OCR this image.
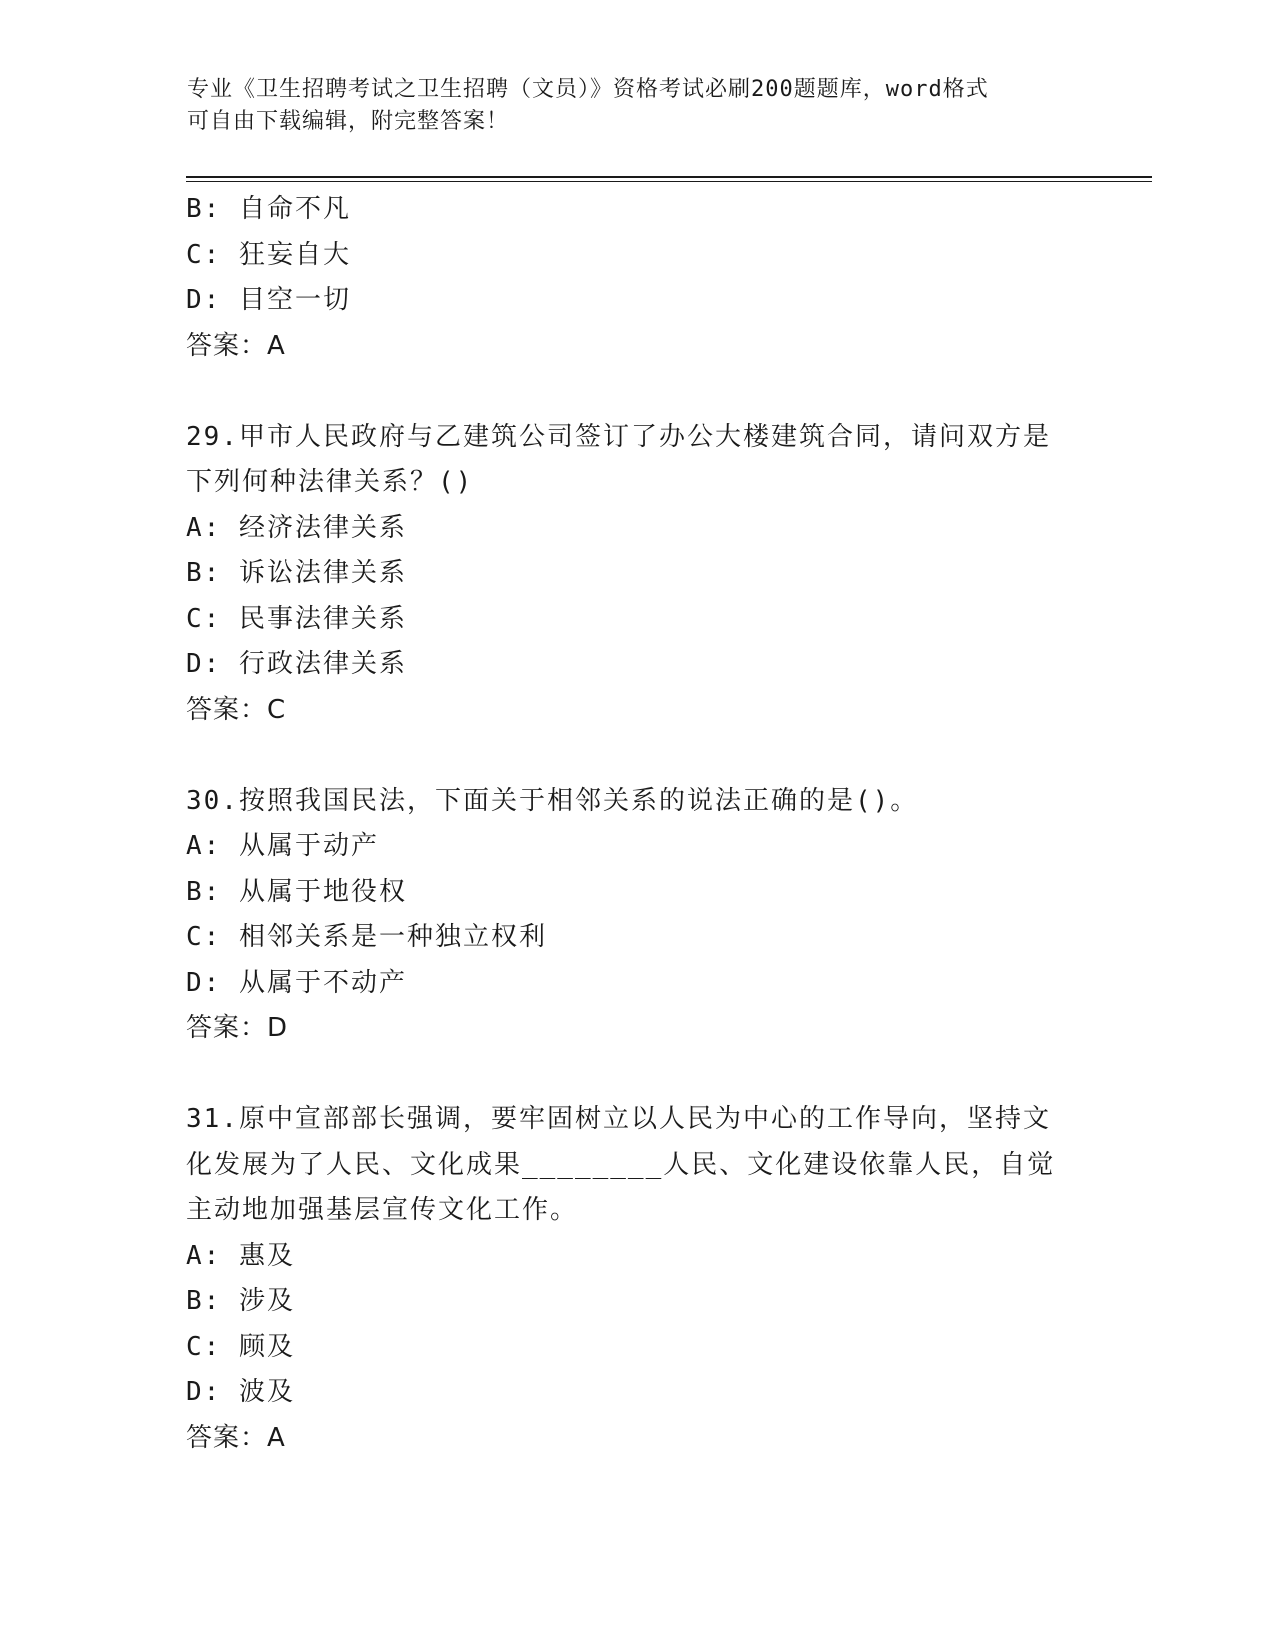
专业《卫生招聘考试之卫生招聘（文员）》资格考试必刷200题题库，word格式
可自由下载编辑，附完整答案！
B: 自命不凡
C: 狂妄自大
D: 目空一切
答案：A
29.甲市人民政府与乙建筑公司签订了办公大楼建筑合同，请问双方是
下列何种法律关系？()
A: 经济法律关系
B: 诉讼法律关系
C: 民事法律关系
D: 行政法律关系
答案：C
30.按照我国民法，下面关于相邻关系的说法正确的是()。
A: 从属于动产
B: 从属于地役权
C: 相邻关系是一种独立权利
D: 从属于不动产
答案：D
31.原中宣部部长强调，要牢固树立以人民为中心的工作导向，坚持文
化发展为了人民、文化成果________人民、文化建设依靠人民，自觉
主动地加强基层宣传文化工作。
A: 惠及
B: 涉及
C: 顾及
D: 波及
答案：A
